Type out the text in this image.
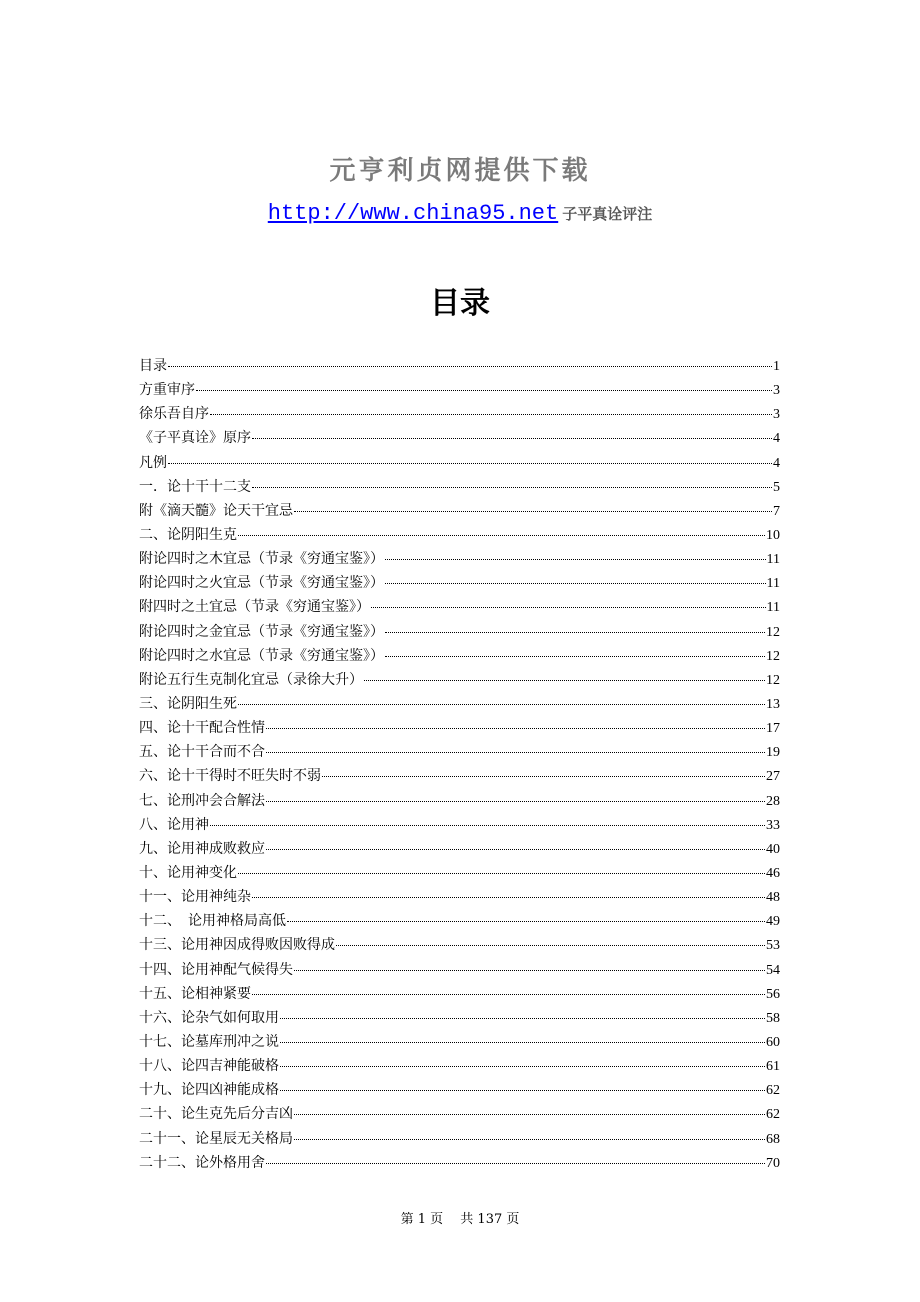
元亨利贞网提供下载
http://www.china95.net 子平真诠评注
目录
目录	1
方重审序	3
徐乐吾自序	3
《子平真诠》原序	4
凡例	4
一．论十干十二支	5
附《滴天髓》论天干宜忌	7
二、论阴阳生克	10
附论四时之木宜忌（节录《穷通宝鉴》）	11
附论四时之火宜忌（节录《穷通宝鉴》）	11
附四时之土宜忌（节录《穷通宝鉴》）	11
附论四时之金宜忌（节录《穷通宝鉴》）	12
附论四时之水宜忌（节录《穷通宝鉴》）	12
附论五行生克制化宜忌（录徐大升）	12
三、论阴阳生死	13
四、论十干配合性情	17
五、论十干合而不合	19
六、论十干得时不旺失时不弱	27
七、论刑冲会合解法	28
八、论用神	33
九、论用神成败救应	40
十、论用神变化	46
十一、论用神纯杂	48
十二、　论用神格局高低	49
十三、论用神因成得败因败得成	53
十四、论用神配气候得失	54
十五、论相神紧要	56
十六、论杂气如何取用	58
十七、论墓库刑冲之说	60
十八、论四吉神能破格	61
十九、论四凶神能成格	62
二十、论生克先后分吉凶	62
二十一、论星辰无关格局	68
二十二、论外格用舍	70
第 1 页　 共 137 页
